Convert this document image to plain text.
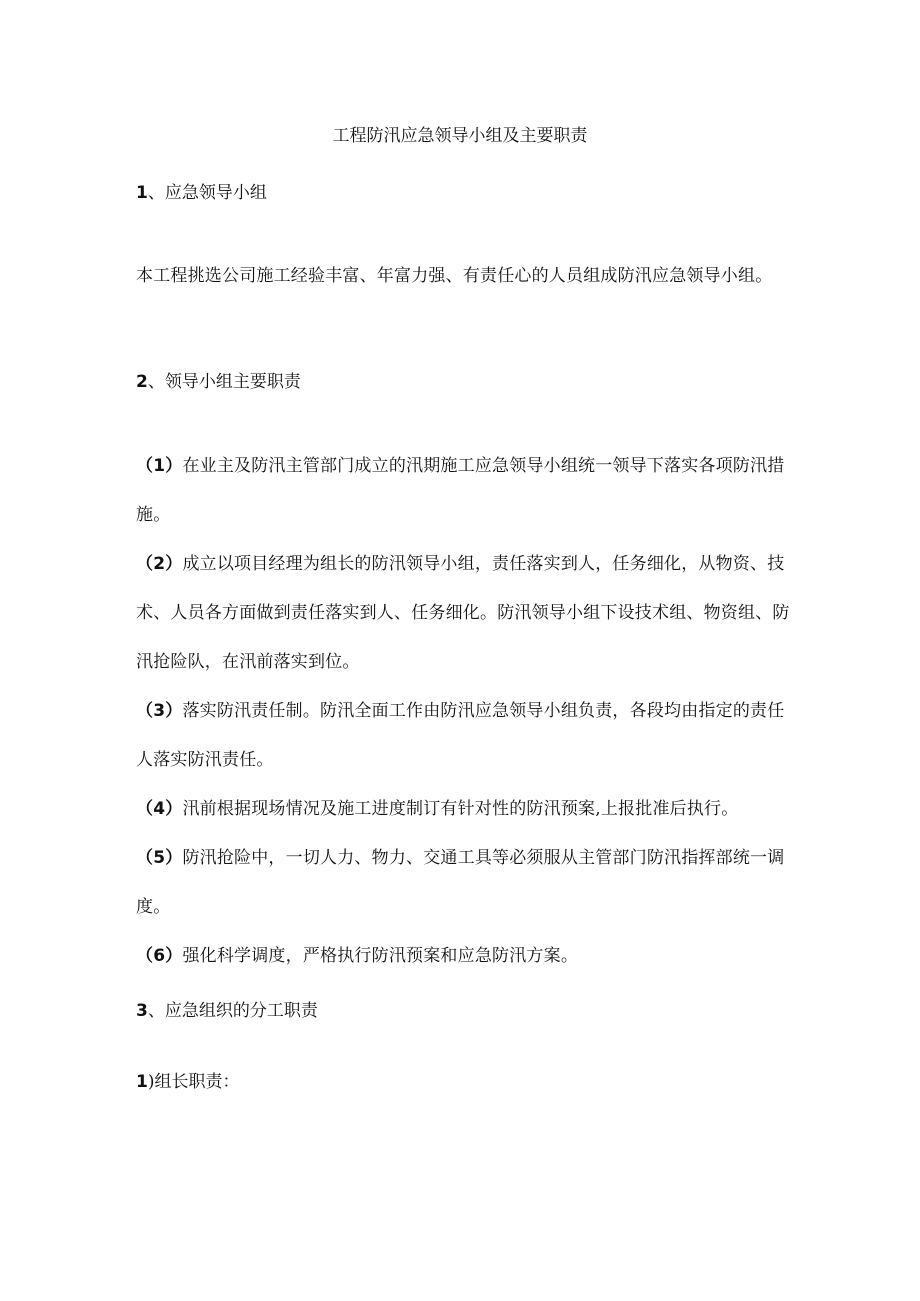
工程防汛应急领导小组及主要职责
1、应急领导小组
本工程挑选公司施工经验丰富、年富力强、有责任心的人员组成防汛应急领导小组。
2、领导小组主要职责
（1）在业主及防汛主管部门成立的汛期施工应急领导小组统一领导下落实各项防汛措施。
（2）成立以项目经理为组长的防汛领导小组，责任落实到人，任务细化，从物资、技术、人员各方面做到责任落实到人、任务细化。防汛领导小组下设技术组、物资组、防汛抢险队，在汛前落实到位。
（3）落实防汛责任制。防汛全面工作由防汛应急领导小组负责，各段均由指定的责任人落实防汛责任。
（4）汛前根据现场情况及施工进度制订有针对性的防汛预案,上报批准后执行。
（5）防汛抢险中，一切人力、物力、交通工具等必须服从主管部门防汛指挥部统一调度。
（6）强化科学调度，严格执行防汛预案和应急防汛方案。
3、应急组织的分工职责
1)组长职责：
